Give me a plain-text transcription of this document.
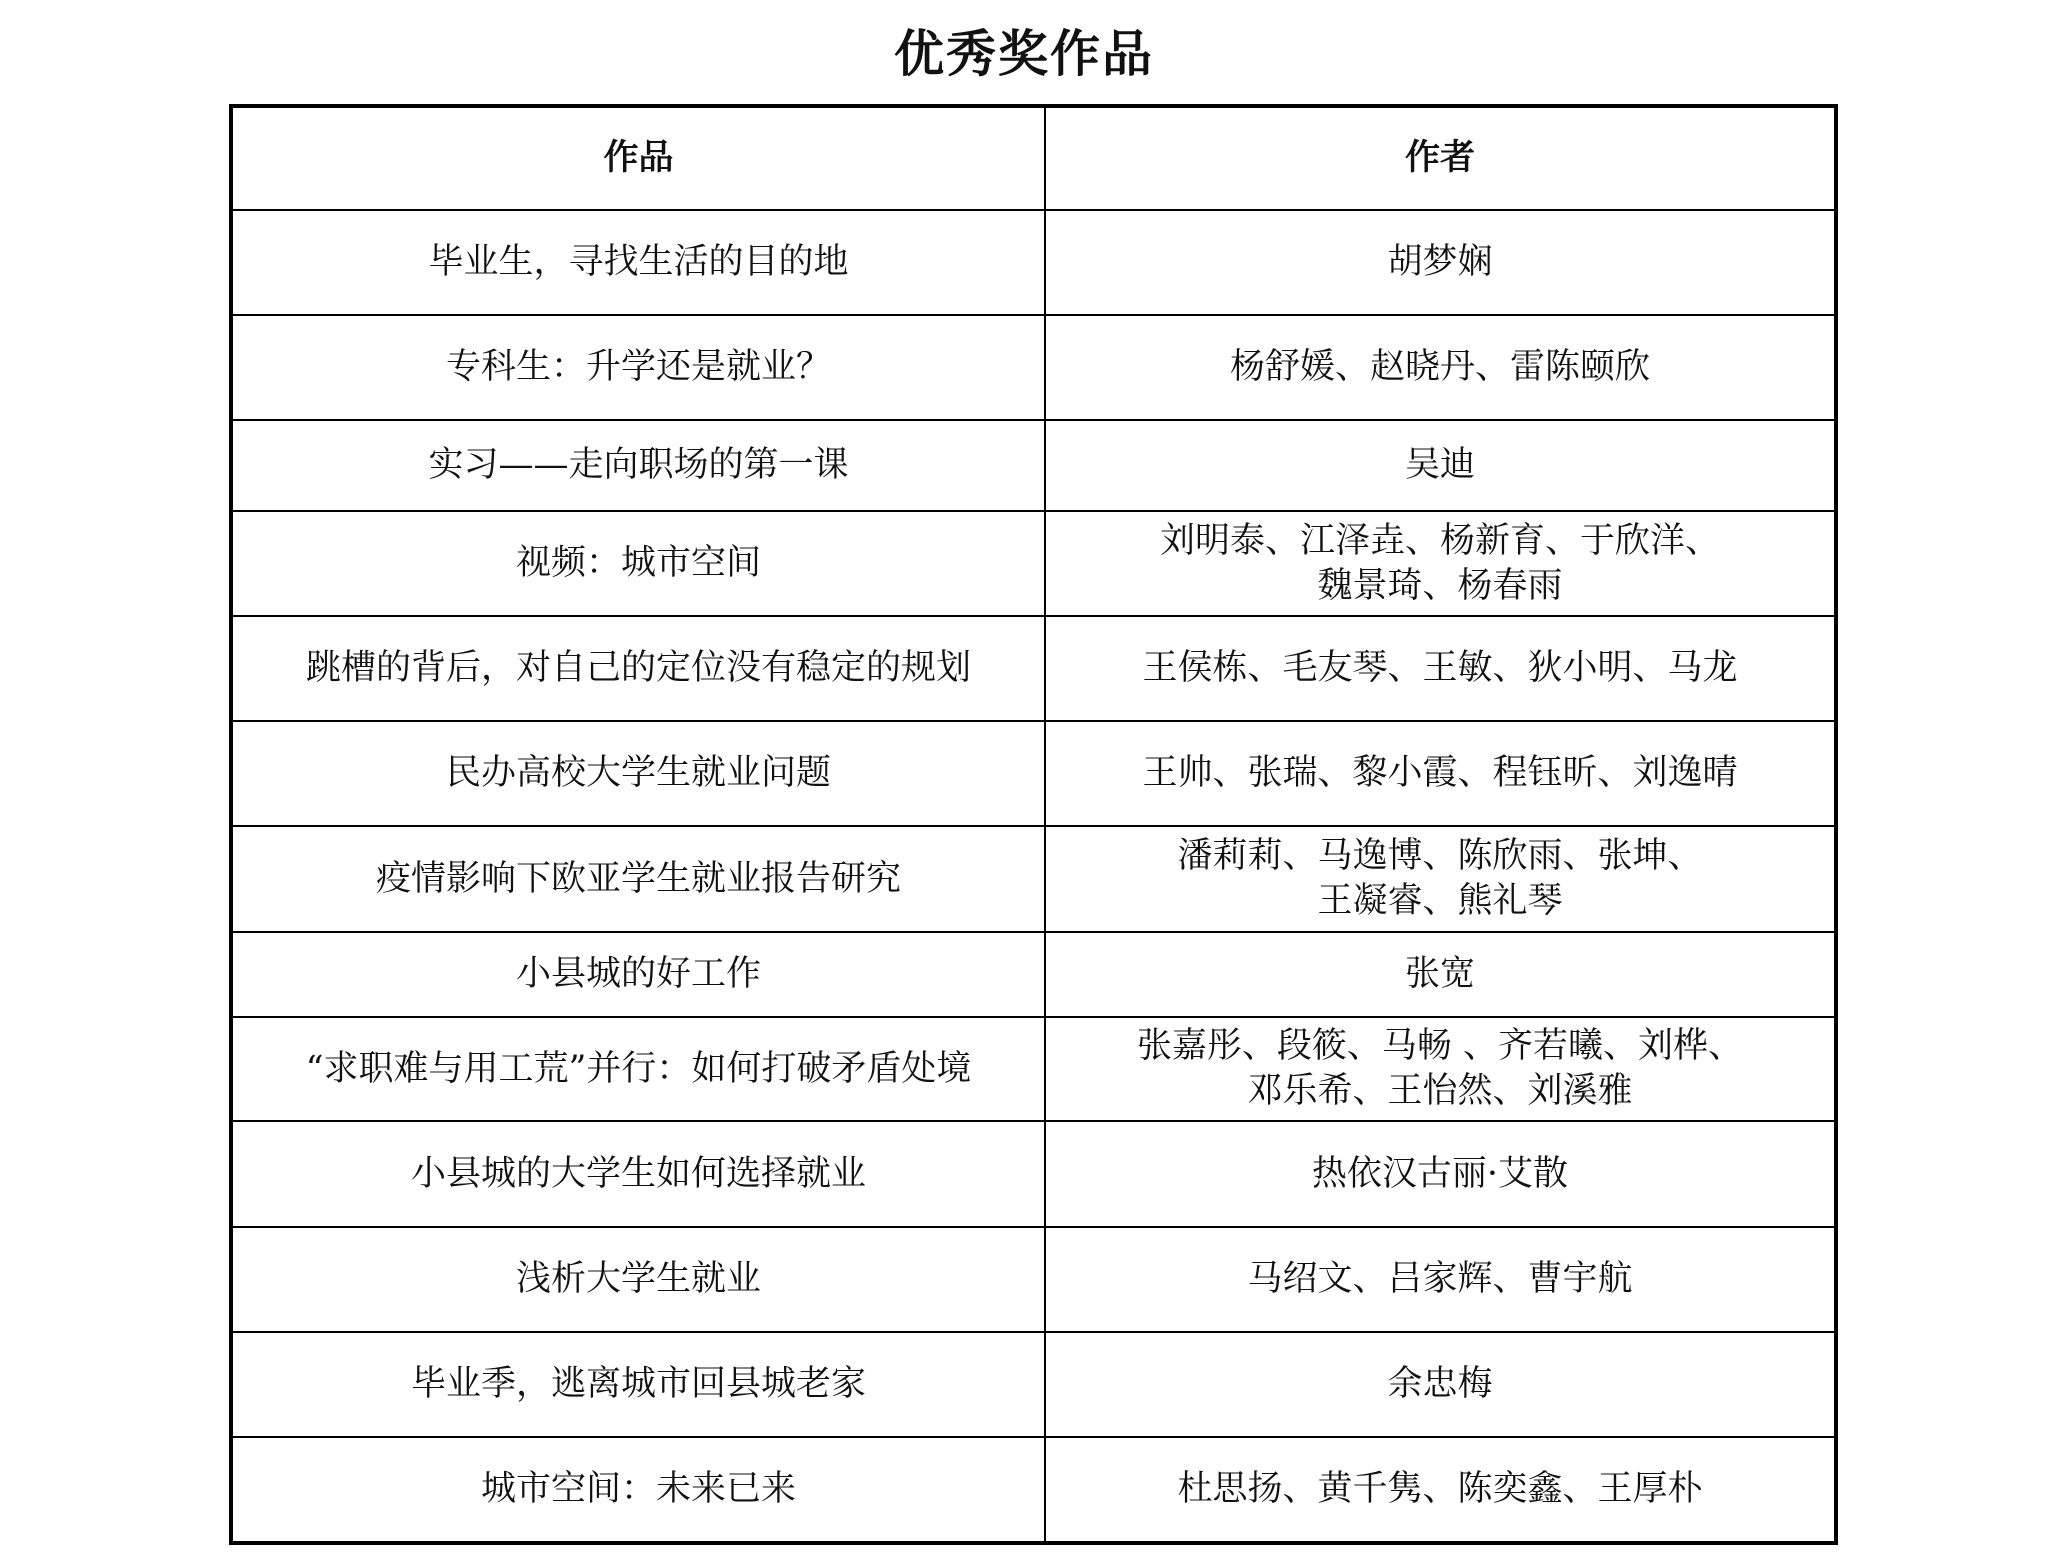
优秀奖作品
作品	作者
毕业生，寻找生活的目的地	胡梦娴

专科生：升学还是就业？	杨舒媛、赵晓丹、雷陈颐欣

实习——走向职场的第一课	吴迪

视频：城市空间	刘明泰、江泽垚、杨新育、于欣洋、
魏景琦、杨春雨

跳槽的背后，对自己的定位没有稳定的规划	王侯栋、毛友琴、王敏、狄小明、马龙

民办高校大学生就业问题	王帅、张瑞、黎小霞、程钰昕、刘逸晴

疫情影响下欧亚学生就业报告研究	潘莉莉、马逸博、陈欣雨、张坤、
王凝睿、熊礼琴

小县城的好工作	张宽

“求职难与用工荒”并行：如何打破矛盾处境	张嘉彤、段筱、马畅 、齐若曦、刘桦、
邓乐希、王怡然、刘溪雅

小县城的大学生如何选择就业	热依汉古丽·艾散

浅析大学生就业	马绍文、吕家辉、曹宇航

毕业季，逃离城市回县城老家	余忠梅

城市空间：未来已来	杜思扬、黄千隽、陈奕鑫、王厚朴
